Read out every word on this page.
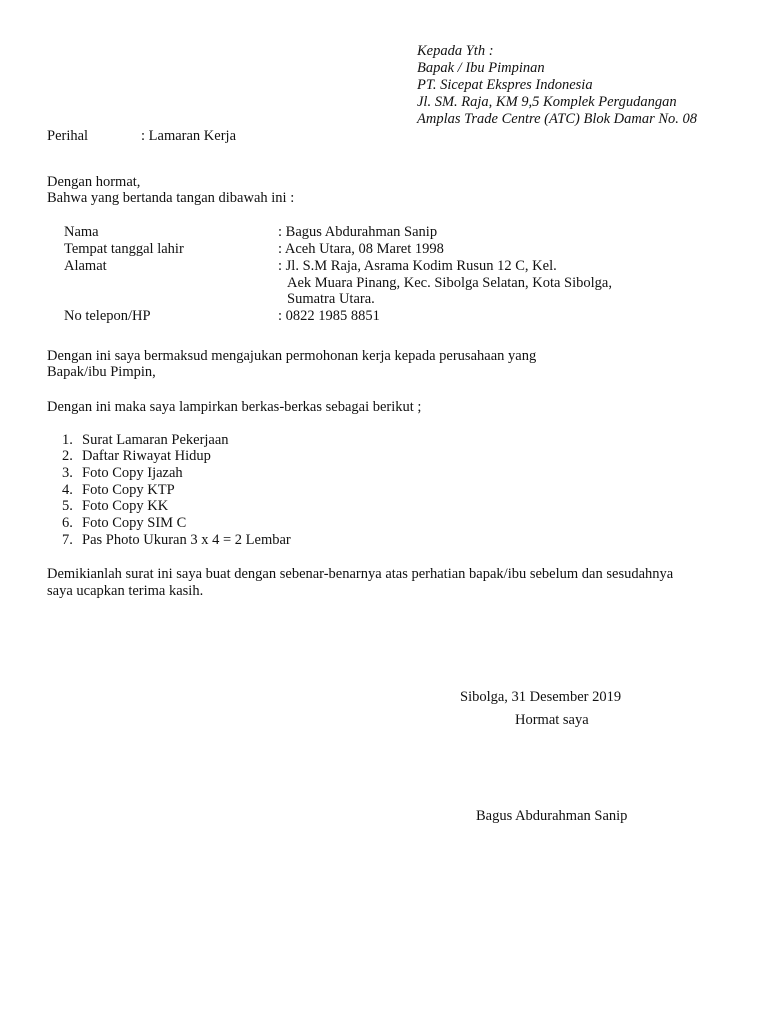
Kepada Yth :
Bapak / Ibu Pimpinan
PT. Sicepat Ekspres Indonesia
Jl. SM. Raja, KM 9,5 Komplek Pergudangan
Amplas Trade Centre (ATC) Blok Damar No. 08
Perihal	: Lamaran Kerja
Dengan hormat,
Bahwa yang bertanda tangan dibawah ini :
Nama	: Bagus Abdurahman Sanip
Tempat tanggal lahir	: Aceh Utara, 08 Maret 1998
Alamat	: Jl. S.M Raja, Asrama Kodim Rusun 12 C, Kel.
Aek Muara Pinang, Kec. Sibolga Selatan, Kota Sibolga,
Sumatra Utara.
No telepon/HP	: 0822 1985 8851
Dengan ini saya bermaksud mengajukan permohonan kerja kepada perusahaan yang
Bapak/ibu Pimpin,
Dengan ini maka saya lampirkan berkas-berkas sebagai berikut ;
1. Surat Lamaran Pekerjaan
2. Daftar Riwayat Hidup
3. Foto Copy Ijazah
4. Foto Copy KTP
5. Foto Copy KK
6. Foto Copy SIM C
7. Pas Photo Ukuran 3 x 4 = 2 Lembar
Demikianlah surat ini saya buat dengan sebenar-benarnya atas perhatian bapak/ibu sebelum dan sesudahnya
saya ucapkan terima kasih.
Sibolga, 31 Desember 2019
Hormat saya
Bagus Abdurahman Sanip
